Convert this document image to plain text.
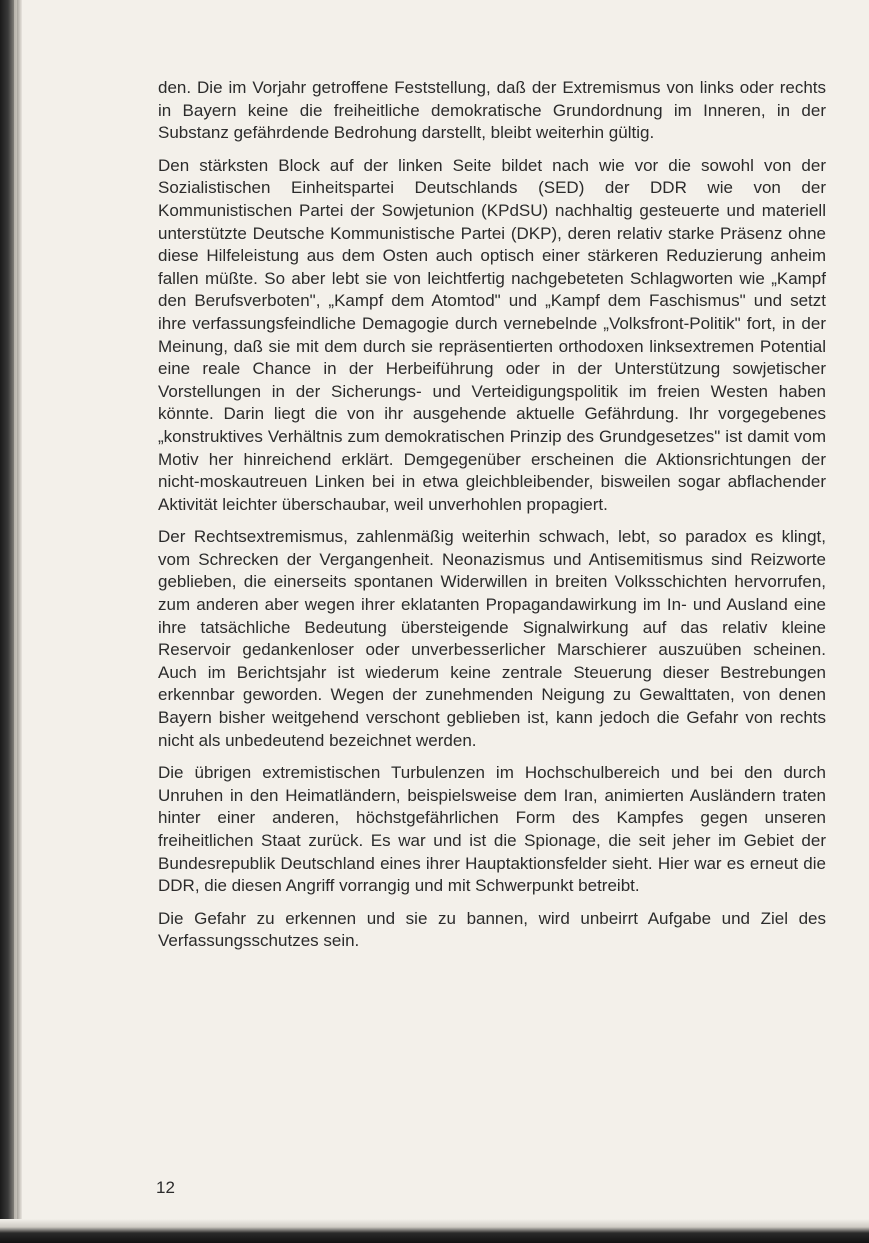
den. Die im Vorjahr getroffene Feststellung, daß der Extremismus von links oder rechts in Bayern keine die freiheitliche demokratische Grundordnung im Inneren, in der Substanz gefährdende Bedrohung darstellt, bleibt weiterhin gültig.

Den stärksten Block auf der linken Seite bildet nach wie vor die sowohl von der Sozialistischen Einheitspartei Deutschlands (SED) der DDR wie von der Kommunistischen Partei der Sowjetunion (KPdSU) nachhaltig gesteuerte und materiell unterstützte Deutsche Kommunistische Partei (DKP), deren relativ starke Präsenz ohne diese Hilfeleistung aus dem Osten auch optisch einer stärkeren Reduzierung anheim fallen müßte. So aber lebt sie von leichtfertig nachgebeteten Schlagworten wie „Kampf den Berufsverboten", „Kampf dem Atomtod" und „Kampf dem Faschismus" und setzt ihre verfassungsfeindliche Demagogie durch vernebelnde „Volksfront-Politik" fort, in der Meinung, daß sie mit dem durch sie repräsentierten orthodoxen linksextremen Potential eine reale Chance in der Herbeiführung oder in der Unterstützung sowjetischer Vorstellungen in der Sicherungs- und Verteidigungspolitik im freien Westen haben könnte. Darin liegt die von ihr ausgehende aktuelle Gefährdung. Ihr vorgegebenes „konstruktives Verhältnis zum demokratischen Prinzip des Grundgesetzes" ist damit vom Motiv her hinreichend erklärt. Demgegenüber erscheinen die Aktionsrichtungen der nicht-moskautreuen Linken bei in etwa gleichbleibender, bisweilen sogar abflachender Aktivität leichter überschaubar, weil unverhohlen propagiert.

Der Rechtsextremismus, zahlenmäßig weiterhin schwach, lebt, so paradox es klingt, vom Schrecken der Vergangenheit. Neonazismus und Antisemitismus sind Reizworte geblieben, die einerseits spontanen Widerwillen in breiten Volksschichten hervorrufen, zum anderen aber wegen ihrer eklatanten Propagandawirkung im In- und Ausland eine ihre tatsächliche Bedeutung übersteigende Signalwirkung auf das relativ kleine Reservoir gedankenloser oder unverbesserlicher Marschierer auszuüben scheinen. Auch im Berichtsjahr ist wiederum keine zentrale Steuerung dieser Bestrebungen erkennbar geworden. Wegen der zunehmenden Neigung zu Gewalttaten, von denen Bayern bisher weitgehend verschont geblieben ist, kann jedoch die Gefahr von rechts nicht als unbedeutend bezeichnet werden.

Die übrigen extremistischen Turbulenzen im Hochschulbereich und bei den durch Unruhen in den Heimatländern, beispielsweise dem Iran, animierten Ausländern traten hinter einer anderen, höchstgefährlichen Form des Kampfes gegen unseren freiheitlichen Staat zurück. Es war und ist die Spionage, die seit jeher im Gebiet der Bundesrepublik Deutschland eines ihrer Hauptaktionsfelder sieht. Hier war es erneut die DDR, die diesen Angriff vorrangig und mit Schwerpunkt betreibt.

Die Gefahr zu erkennen und sie zu bannen, wird unbeirrt Aufgabe und Ziel des Verfassungsschutzes sein.

12
